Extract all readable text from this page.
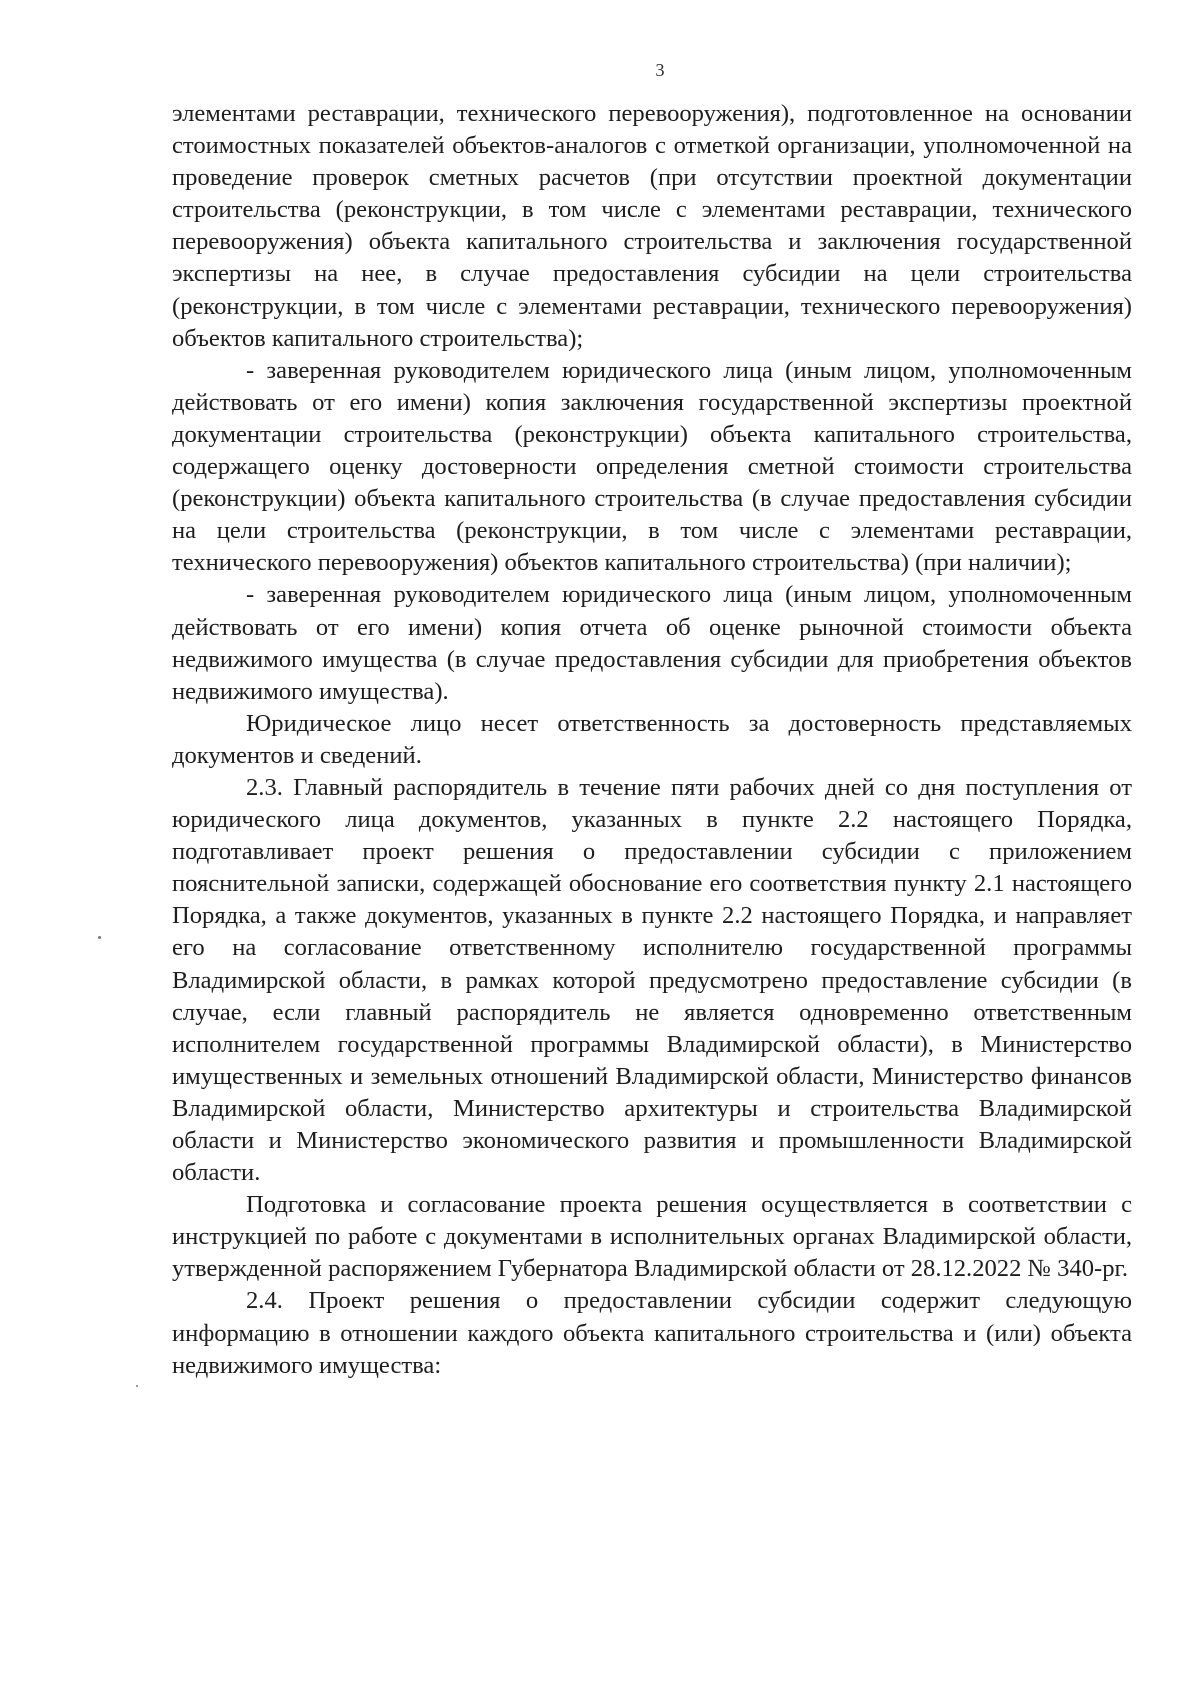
3

элементами реставрации, технического перевооружения), подготовленное на основании стоимостных показателей объектов-аналогов с отметкой организации, уполномоченной на проведение проверок сметных расчетов (при отсутствии проектной документации строительства (реконструкции, в том числе с элементами реставрации, технического перевооружения) объекта капитального строительства и заключения государственной экспертизы на нее, в случае предоставления субсидии на цели строительства (реконструкции, в том числе с элементами реставрации, технического перевооружения) объектов капитального строительства);

- заверенная руководителем юридического лица (иным лицом, уполномоченным действовать от его имени) копия заключения государственной экспертизы проектной документации строительства (реконструкции) объекта капитального строительства, содержащего оценку достоверности определения сметной стоимости строительства (реконструкции) объекта капитального строительства (в случае предоставления субсидии на цели строительства (реконструкции, в том числе с элементами реставрации, технического перевооружения) объектов капитального строительства) (при наличии);

- заверенная руководителем юридического лица (иным лицом, уполномоченным действовать от его имени) копия отчета об оценке рыночной стоимости объекта недвижимого имущества (в случае предоставления субсидии для приобретения объектов недвижимого имущества).

Юридическое лицо несет ответственность за достоверность представляемых документов и сведений.

2.3. Главный распорядитель в течение пяти рабочих дней со дня поступления от юридического лица документов, указанных в пункте 2.2 настоящего Порядка, подготавливает проект решения о предоставлении субсидии с приложением пояснительной записки, содержащей обоснование его соответствия пункту 2.1 настоящего Порядка, а также документов, указанных в пункте 2.2 настоящего Порядка, и направляет его на согласование ответственному исполнителю государственной программы Владимирской области, в рамках которой предусмотрено предоставление субсидии (в случае, если главный распорядитель не является одновременно ответственным исполнителем государственной программы Владимирской области), в Министерство имущественных и земельных отношений Владимирской области, Министерство финансов Владимирской области, Министерство архитектуры и строительства Владимирской области и Министерство экономического развития и промышленности Владимирской области.

Подготовка и согласование проекта решения осуществляется в соответствии с инструкцией по работе с документами в исполнительных органах Владимирской области, утвержденной распоряжением Губернатора Владимирской области от 28.12.2022 № 340-рг.

2.4. Проект решения о предоставлении субсидии содержит следующую информацию в отношении каждого объекта капитального строительства и (или) объекта недвижимого имущества:
